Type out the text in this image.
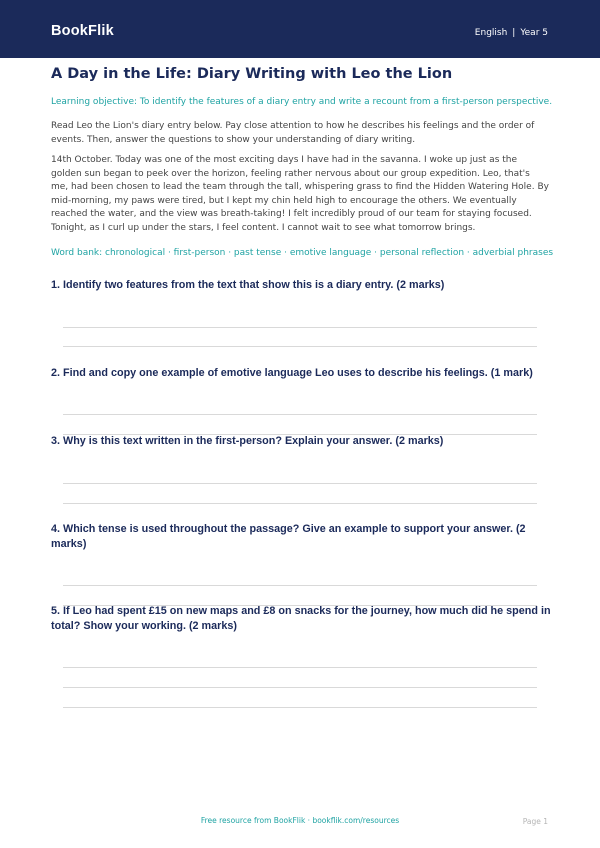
BookFlik	English | Year 5
A Day in the Life: Diary Writing with Leo the Lion
Learning objective: To identify the features of a diary entry and write a recount from a first-person perspective.
Read Leo the Lion's diary entry below. Pay close attention to how he describes his feelings and the order of events. Then, answer the questions to show your understanding of diary writing.
14th October. Today was one of the most exciting days I have had in the savanna. I woke up just as the golden sun began to peek over the horizon, feeling rather nervous about our group expedition. Leo, that's me, had been chosen to lead the team through the tall, whispering grass to find the Hidden Watering Hole. By mid-morning, my paws were tired, but I kept my chin held high to encourage the others. We eventually reached the water, and the view was breath-taking! I felt incredibly proud of our team for staying focused. Tonight, as I curl up under the stars, I feel content. I cannot wait to see what tomorrow brings.
Word bank: chronological · first-person · past tense · emotive language · personal reflection · adverbial phrases
1. Identify two features from the text that show this is a diary entry. (2 marks)
2. Find and copy one example of emotive language Leo uses to describe his feelings. (1 mark)
3. Why is this text written in the first-person? Explain your answer. (2 marks)
4. Which tense is used throughout the passage? Give an example to support your answer. (2 marks)
5. If Leo had spent £15 on new maps and £8 on snacks for the journey, how much did he spend in total? Show your working. (2 marks)
Free resource from BookFlik · bookflik.com/resources	Page 1
